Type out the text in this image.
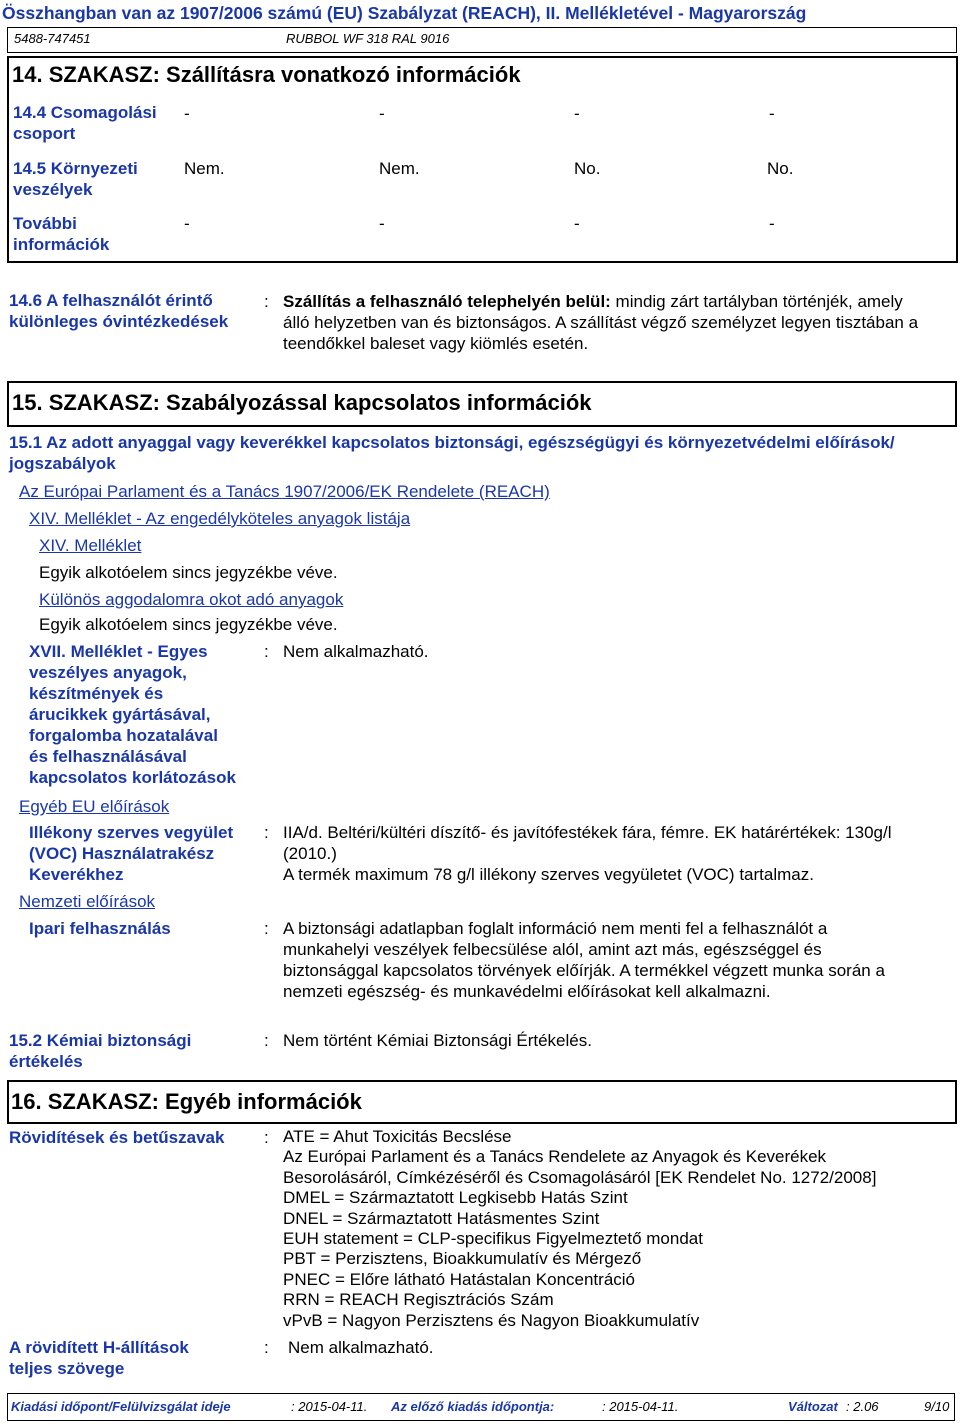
Összhangban van az 1907/2006 számú (EU) Szabályzat (REACH), II. Mellékletével - Magyarország
5488-747451	RUBBOL WF 318 RAL 9016
14. SZAKASZ: Szállításra vonatkozó információk
14.4 Csomagolási
csoport
-	-	-	-
14.5 Környezeti
veszélyek
Nem.	Nem.	No.	No.
További
információk
-	-	-	-
14.6 A felhasználót érintő
különleges óvintézkedések
: Szállítás a felhasználó telephelyén belül: mindig zárt tartályban történjék, amely
álló helyzetben van és biztonságos. A szállítást végző személyzet legyen tisztában a
teendőkkel baleset vagy kiömlés esetén.
15. SZAKASZ: Szabályozással kapcsolatos információk
15.1 Az adott anyaggal vagy keverékkel kapcsolatos biztonsági, egészségügyi és környezetvédelmi előírások/
jogszabályok
Az Európai Parlament és a Tanács 1907/2006/EK Rendelete (REACH)
XIV. Melléklet - Az engedélyköteles anyagok listája
XIV. Melléklet
Egyik alkotóelem sincs jegyzékbe véve.
Különös aggodalomra okot adó anyagok
Egyik alkotóelem sincs jegyzékbe véve.
XVII. Melléklet - Egyes
veszélyes anyagok,
készítmények és
árucikkek gyártásával,
forgalomba hozatalával
és felhasználásával
kapcsolatos korlátozások
: Nem alkalmazható.
Egyéb EU előírások
Illékony szerves vegyület
(VOC) Használatrakész
Keverékhez
: IIA/d. Beltéri/kültéri díszítő- és javítófestékek fára, fémre. EK határértékek: 130g/l
(2010.)
A termék maximum 78 g/l illékony szerves vegyületet (VOC) tartalmaz.
Nemzeti előírások
Ipari felhasználás	: A biztonsági adatlapban foglalt információ nem menti fel a felhasználót a
munkahelyi veszélyek felbecsülése alól, amint azt más, egészséggel és
biztonsággal kapcsolatos törvények előírják. A termékkel végzett munka során a
nemzeti egészség- és munkavédelmi előírásokat kell alkalmazni.
15.2 Kémiai biztonsági
értékelés
: Nem történt Kémiai Biztonsági Értékelés.
16. SZAKASZ: Egyéb információk
Rövidítések és betűszavak : ATE = Ahut Toxicitás Becslése
Az Európai Parlament és a Tanács Rendelete az Anyagok és Keverékek
Besorolásáról, Címkézéséről és Csomagolásáról [EK Rendelet No. 1272/2008]
DMEL = Származtatott Legkisebb Hatás Szint
DNEL = Származtatott Hatásmentes Szint
EUH statement = CLP-specifikus Figyelmeztető mondat
PBT = Perzisztens, Bioakkumulatív és Mérgező
PNEC = Előre látható Hatástalan Koncentráció
RRN = REACH Regisztrációs Szám
vPvB = Nagyon Perzisztens és Nagyon Bioakkumulatív
A rövidített H-állítások
teljes szövege
: Nem alkalmazható.
Kiadási időpont/Felülvizsgálat ideje	: 2015-04-11. Az előző kiadás időpontja:	: 2015-04-11.	Változat : 2.06	9/10
